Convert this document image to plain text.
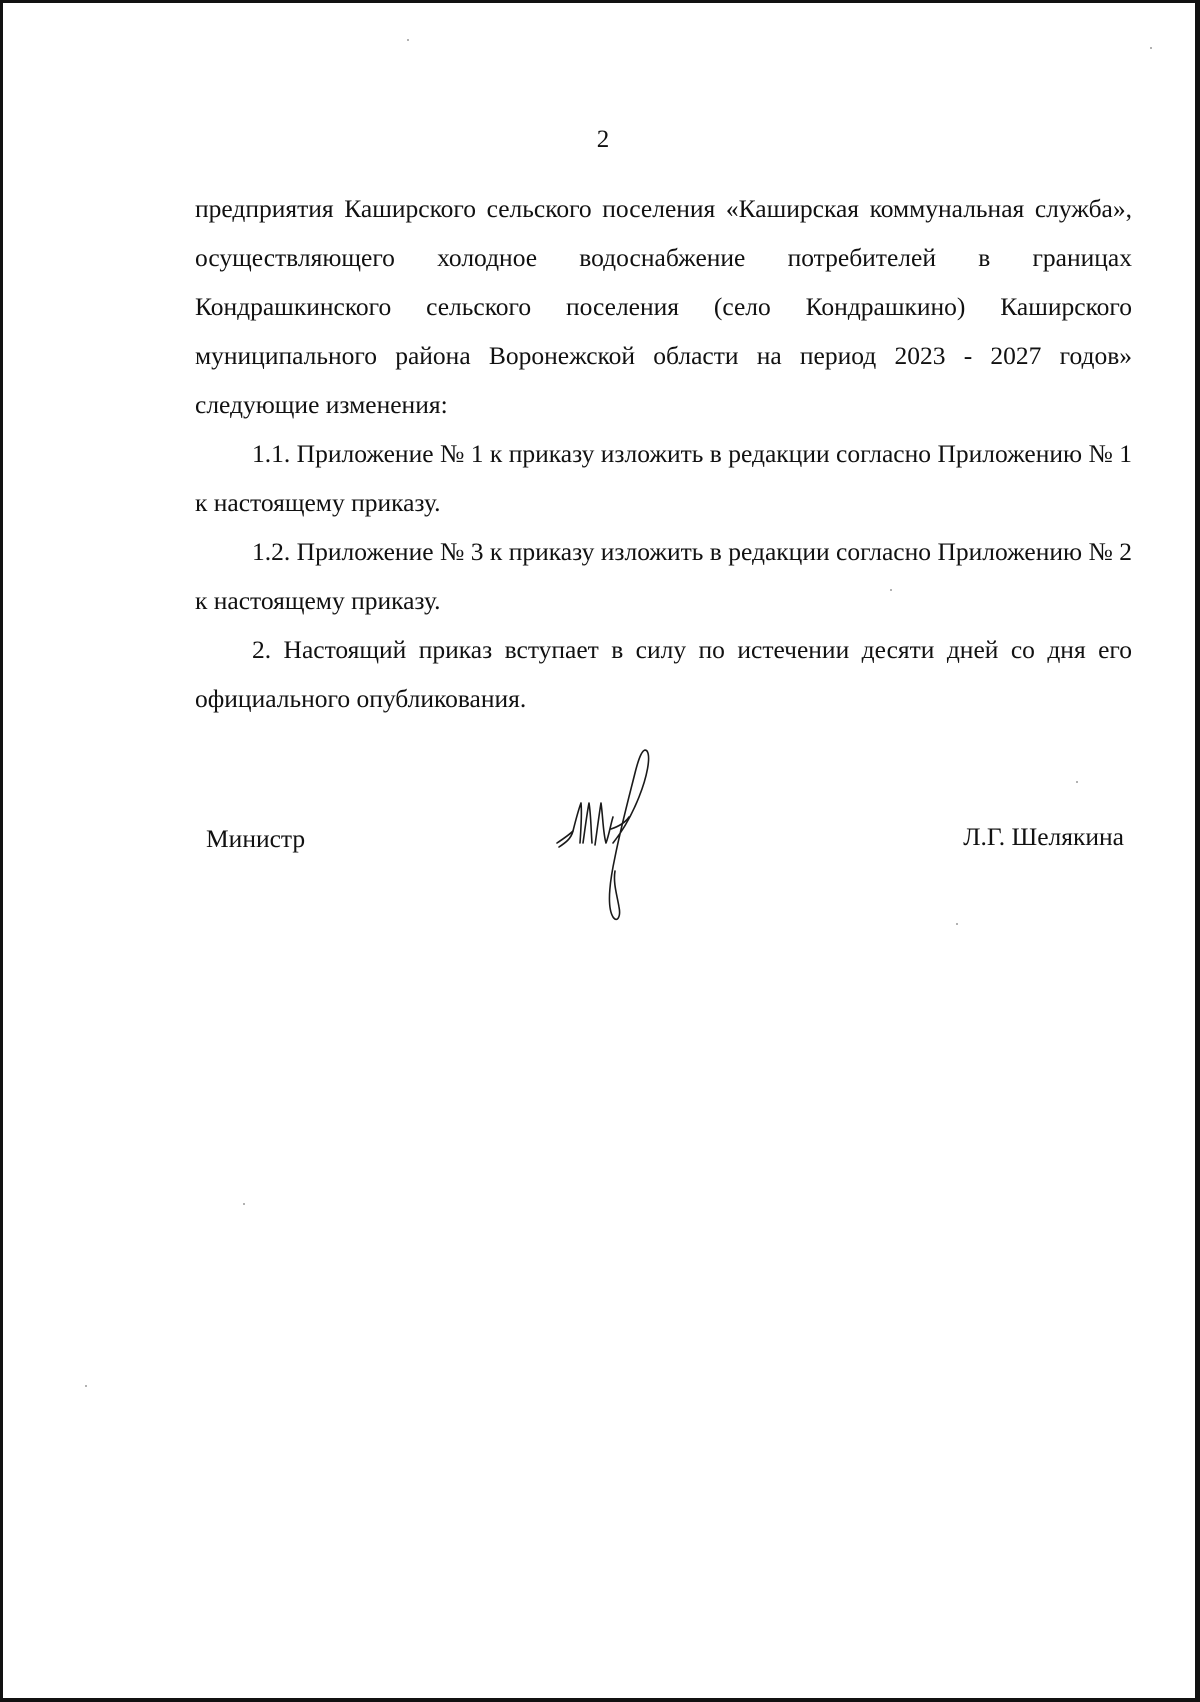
2

предприятия Каширского сельского поселения «Каширская коммунальная служба», осуществляющего холодное водоснабжение потребителей в границах Кондрашкинского сельского поселения (село Кондрашкино) Каширского муниципального района Воронежской области на период 2023 - 2027 годов» следующие изменения:

1.1. Приложение № 1 к приказу изложить в редакции согласно Приложению № 1 к настоящему приказу.

1.2. Приложение № 3 к приказу изложить в редакции согласно Приложению № 2 к настоящему приказу.

2. Настоящий приказ вступает в силу по истечении десяти дней со дня его официального опубликования.

Министр	Л.Г. Шелякина
